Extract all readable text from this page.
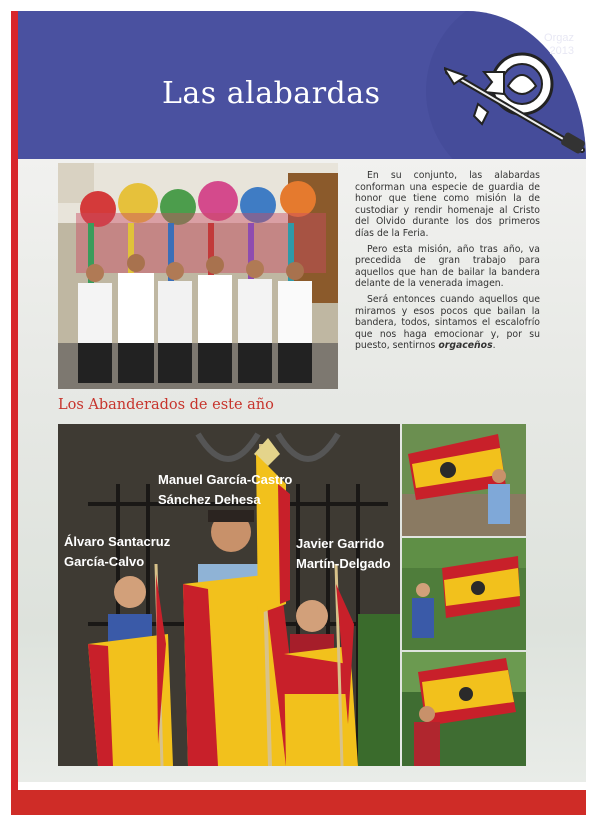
Las alabardas
Orgaz
2013

En su conjunto, las alabardas conforman una especie de guardia de honor que tiene como misión la de custodiar y rendir homenaje al Cristo del Olvido durante los dos primeros días de la Feria.

Pero esta misión, año tras año, va precedida de gran trabajo para aquellos que han de bailar la bandera delante de la venerada imagen.

Será entonces cuando aquellos que miramos y esos pocos que bailan la bandera, todos, sintamos el escalofrío que nos haga emocionar y, por su puesto, sentirnos orgaceños.

Los Abanderados de este año
Manuel García-Castro
Sánchez Dehesa
Álvaro Santacruz
García-Calvo
Javier Garrido
Martín-Delgado
